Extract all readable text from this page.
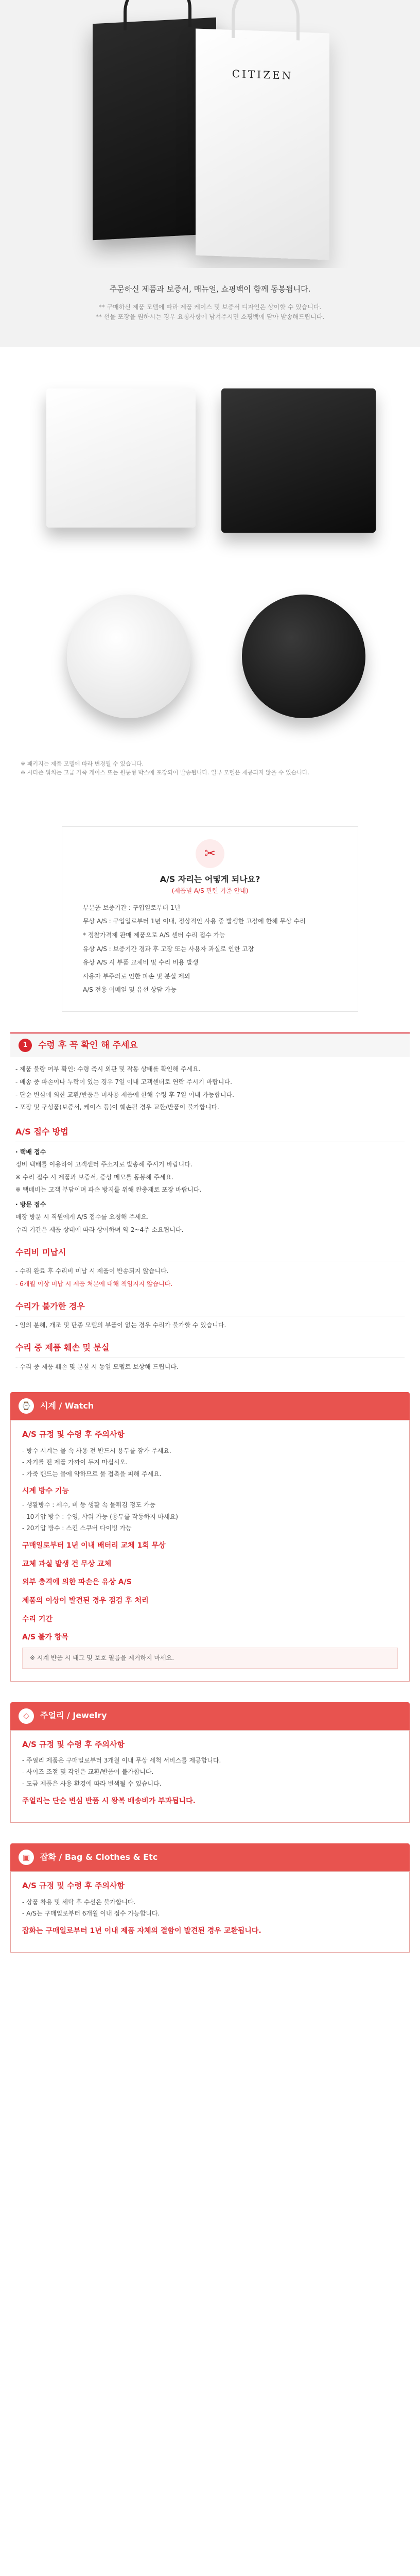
CITIZEN

주문하신 제품과 보증서, 매뉴얼, 쇼핑백이 함께 동봉됩니다.

** 구매하신 제품 모델에 따라 제품 케이스 및 보증서 디자인은 상이할 수 있습니다.

** 선물 포장을 원하시는 경우 요청사항에 남겨주시면 쇼핑백에 담아 발송해드립니다.

※ 패키지는 제품 모델에 따라 변경될 수 있습니다.

※ 시티즌 워치는 고급 가죽 케이스 또는 원통형 박스에 포장되어 발송됩니다. 일부 모델은 제공되지 않을 수 있습니다.

✂
A/S 자리는 어떻게 되나요?
(제품별 A/S 관련 기준 안내)
부분품 보증기간 : 구입일로부터 1년
무상 A/S : 구입일로부터 1년 이내, 정상적인 사용 중 발생한 고장에 한해 무상 수리
* 정찰가격제 판매 제품으로 A/S 센터 수리 접수 가능
유상 A/S : 보증기간 경과 후 고장 또는 사용자 과실로 인한 고장
유상 A/S 시 부품 교체비 및 수리 비용 발생
사용자 부주의로 인한 파손 및 분실 제외
A/S 전용 이메일 및 유선 상담 가능
1	수령 후 꼭 확인 해 주세요

- 제품 불량 여부 확인: 수령 즉시 외관 및 작동 상태를 확인해 주세요.

- 배송 중 파손이나 누락이 있는 경우 7일 이내 고객센터로 연락 주시기 바랍니다.

- 단순 변심에 의한 교환/반품은 미사용 제품에 한해 수령 후 7일 이내 가능합니다.

- 포장 및 구성품(보증서, 케이스 등)이 훼손될 경우 교환/반품이 불가합니다.

A/S 접수 방법

· 택배 접수

정비 택배를 이용하여 고객센터 주소지로 발송해 주시기 바랍니다.

※ 수리 접수 시 제품과 보증서, 증상 메모를 동봉해 주세요.

※ 택배비는 고객 부담이며 파손 방지를 위해 완충재로 포장 바랍니다.

· 방문 접수

매장 방문 시 직원에게 A/S 접수를 요청해 주세요.

수리 기간은 제품 상태에 따라 상이하며 약 2~4주 소요됩니다.

수리비 미납시

- 수리 완료 후 수리비 미납 시 제품이 반송되지 않습니다.

- 6개월 이상 미납 시 제품 처분에 대해 책임지지 않습니다.

수리가 불가한 경우

- 임의 분해, 개조 및 단종 모델의 부품이 없는 경우 수리가 불가할 수 있습니다.

수리 중 제품 훼손 및 분실

- 수리 중 제품 훼손 및 분실 시 동일 모델로 보상해 드립니다.

⌚	시계 / Watch
A/S 규정 및 수령 후 주의사항
- 방수 시계는 물 속 사용 전 반드시 용두를 잠가 주세요.
- 자기를 띤 제품 가까이 두지 마십시오.
- 가죽 밴드는 물에 약하므로 물 접촉을 피해 주세요.
시계 방수 기능
- 생활방수 : 세수, 비 등 생활 속 물튀김 정도 가능
- 10기압 방수 : 수영, 샤워 가능 (용두를 작동하지 마세요)
- 20기압 방수 : 스킨 스쿠버 다이빙 가능
구매일로부터 1년 이내 배터리 교체 1회 무상
교체 과실 발생 건 무상 교체
외부 충격에 의한 파손은 유상 A/S
제품의 이상이 발견된 경우 점검 후 처리
수리 기간
A/S 불가 항목
※ 시계 반품 시 태그 및 보호 필름을 제거하지 마세요.
◇	주얼리 / Jewelry
A/S 규정 및 수령 후 주의사항
- 주얼리 제품은 구매일로부터 3개월 이내 무상 세척 서비스를 제공합니다.
- 사이즈 조절 및 각인은 교환/반품이 불가합니다.
- 도금 제품은 사용 환경에 따라 변색될 수 있습니다.
주얼리는 단순 변심 반품 시 왕복 배송비가 부과됩니다.
▣	잡화 / Bag & Clothes & Etc
A/S 규정 및 수령 후 주의사항
- 상품 착용 및 세탁 후 수선은 불가합니다.
- A/S는 구매일로부터 6개월 이내 접수 가능합니다.
잡화는 구매일로부터 1년 이내 제품 자체의 결함이 발견된 경우 교환됩니다.
